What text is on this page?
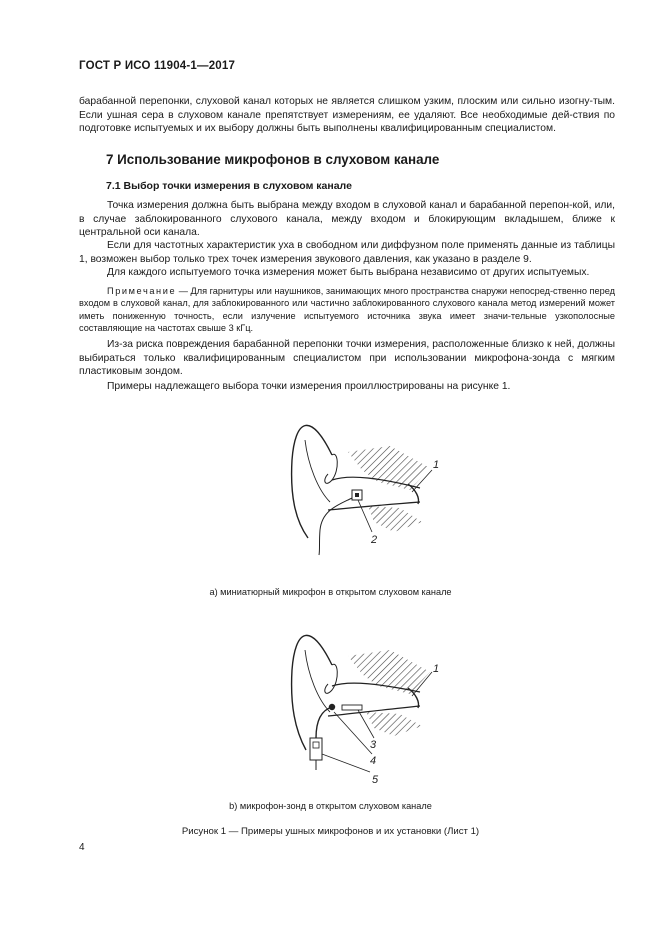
ГОСТ Р ИСО 11904-1—2017
барабанной перепонки, слуховой канал которых не является слишком узким, плоским или сильно изогну-тым. Если ушная сера в слуховом канале препятствует измерениям, ее удаляют. Все необходимые дей-ствия по подготовке испытуемых и их выбору должны быть выполнены квалифицированным специалистом.
7 Использование микрофонов в слуховом канале
7.1 Выбор точки измерения в слуховом канале
Точка измерения должна быть выбрана между входом в слуховой канал и барабанной перепон-кой, или, в случае заблокированного слухового канала, между входом и блокирующим вкладышем, ближе к центральной оси канала.
Если для частотных характеристик уха в свободном или диффузном поле применять данные из таблицы 1, возможен выбор только трех точек измерения звукового давления, как указано в разделе 9.
Для каждого испытуемого точка измерения может быть выбрана независимо от других испытуемых.
Примечание — Для гарнитуры или наушников, занимающих много пространства снаружи непосред-ственно перед входом в слуховой канал, для заблокированного или частично заблокированного слухового канала метод измерений может иметь пониженную точность, если излучение испытуемого источника звука имеет значи-тельные узкополосные составляющие на частотах свыше 3 кГц.
Из-за риска повреждения барабанной перепонки точки измерения, расположенные близко к ней, должны выбираться только квалифицированным специалистом при использовании микрофона-зонда с мягким пластиковым зондом.
Примеры надлежащего выбора точки измерения проиллюстрированы на рисунке 1.
1
2
а) миниатюрный микрофон в открытом слуховом канале
1
3
4
5
b) микрофон-зонд в открытом слуховом канале
Рисунок 1 — Примеры ушных микрофонов и их установки (Лист 1)
4
